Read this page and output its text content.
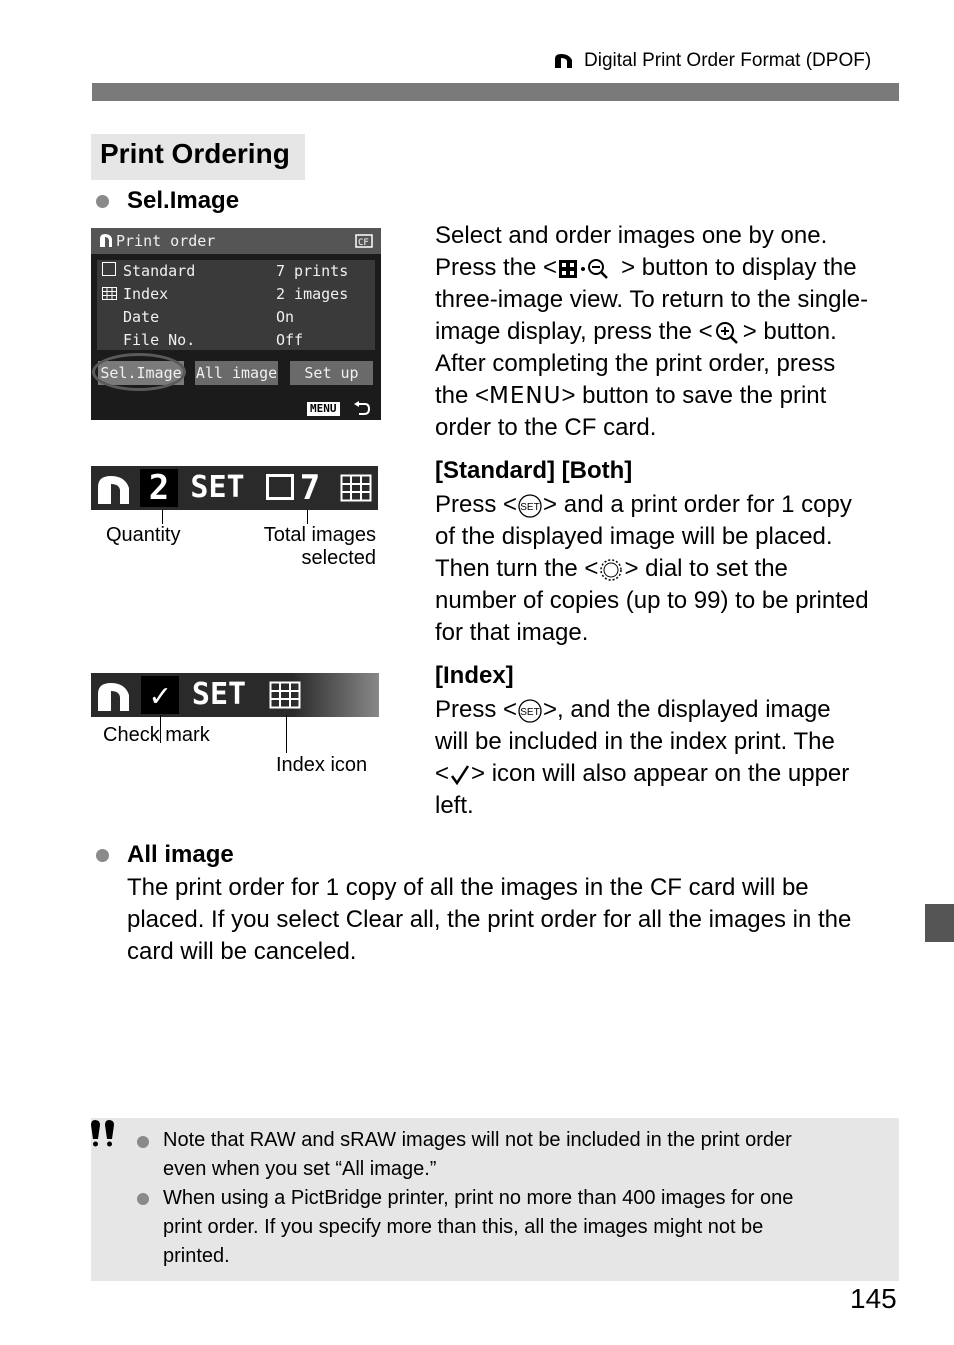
Digital Print Order Format (DPOF)
Print Ordering
Sel.Image
Print order	CF
Standard	7 prints
Index	2 images
Date	On
File No.	Off
Sel.Image All image	Set up
MENU
Select and order images one by one.
Press the <	> button to display the
three-image view. To return to the single-
image display, press the < > button.
After completing the print order, press
the <MENU> button to save the print
order to the CF card.
2 SET 7
Quantity	Total images
selected
[Standard] [Both]
Press < SET > and a print order for 1 copy
of the displayed image will be placed.
Then turn the < > dial to set the
number of copies (up to 99) to be printed
for that image.
✓ SET
Check mark
Index icon
[Index]
Press < SET >, and the displayed image
will be included in the index print. The
< > icon will also appear on the upper
left.
All image
The print order for 1 copy of all the images in the CF card will be
placed. If you select Clear all, the print order for all the images in the
card will be canceled.
Note that RAW and sRAW images will not be included in the print order
even when you set “All image.”
When using a PictBridge printer, print no more than 400 images for one
print order. If you specify more than this, all the images might not be
printed.
145
